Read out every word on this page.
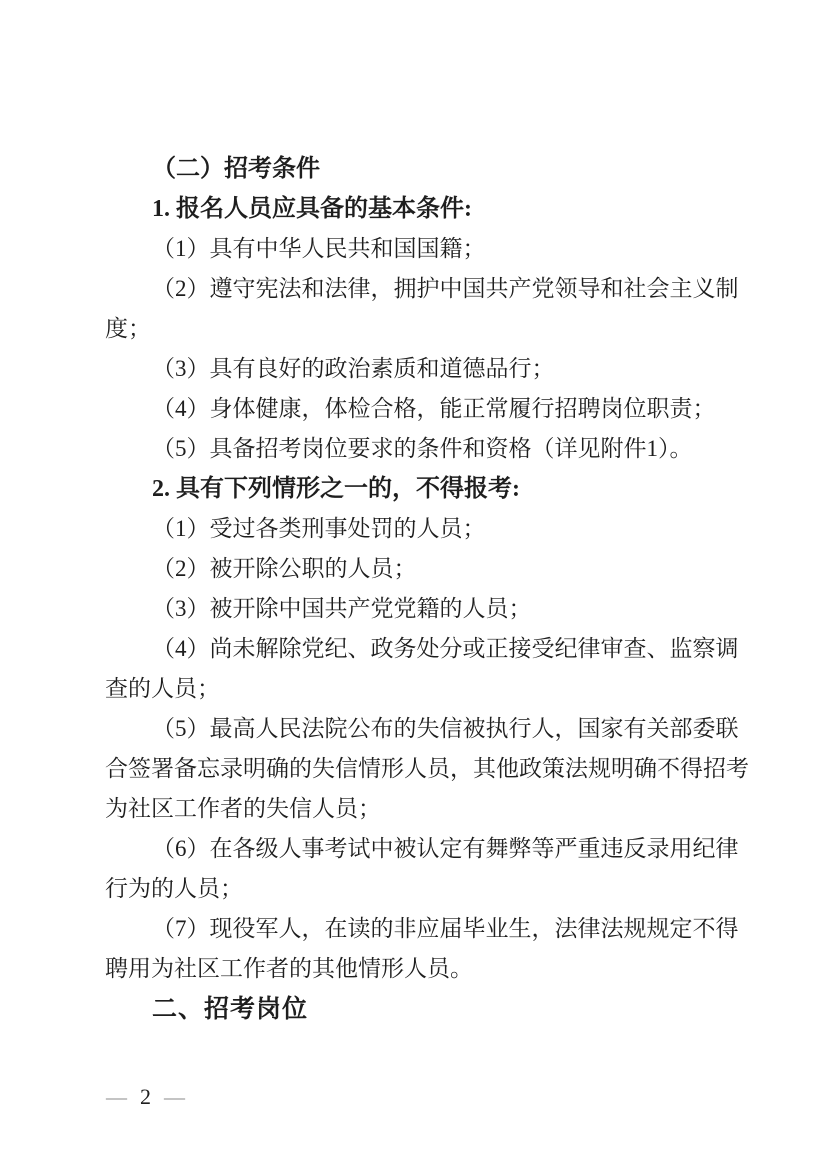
（二）招考条件
1. 报名人员应具备的基本条件:
（1）具有中华人民共和国国籍；
（2）遵守宪法和法律，拥护中国共产党领导和社会主义制
度；
（3）具有良好的政治素质和道德品行；
（4）身体健康，体检合格，能正常履行招聘岗位职责；
（5）具备招考岗位要求的条件和资格（详见附件1）。
2. 具有下列情形之一的，不得报考:
（1）受过各类刑事处罚的人员；
（2）被开除公职的人员；
（3）被开除中国共产党党籍的人员；
（4）尚未解除党纪、政务处分或正接受纪律审查、监察调
查的人员；
（5）最高人民法院公布的失信被执行人，国家有关部委联
合签署备忘录明确的失信情形人员，其他政策法规明确不得招考
为社区工作者的失信人员；
（6）在各级人事考试中被认定有舞弊等严重违反录用纪律
行为的人员；
（7）现役军人，在读的非应届毕业生，法律法规规定不得
聘用为社区工作者的其他情形人员。
二、招考岗位
— 2 —
